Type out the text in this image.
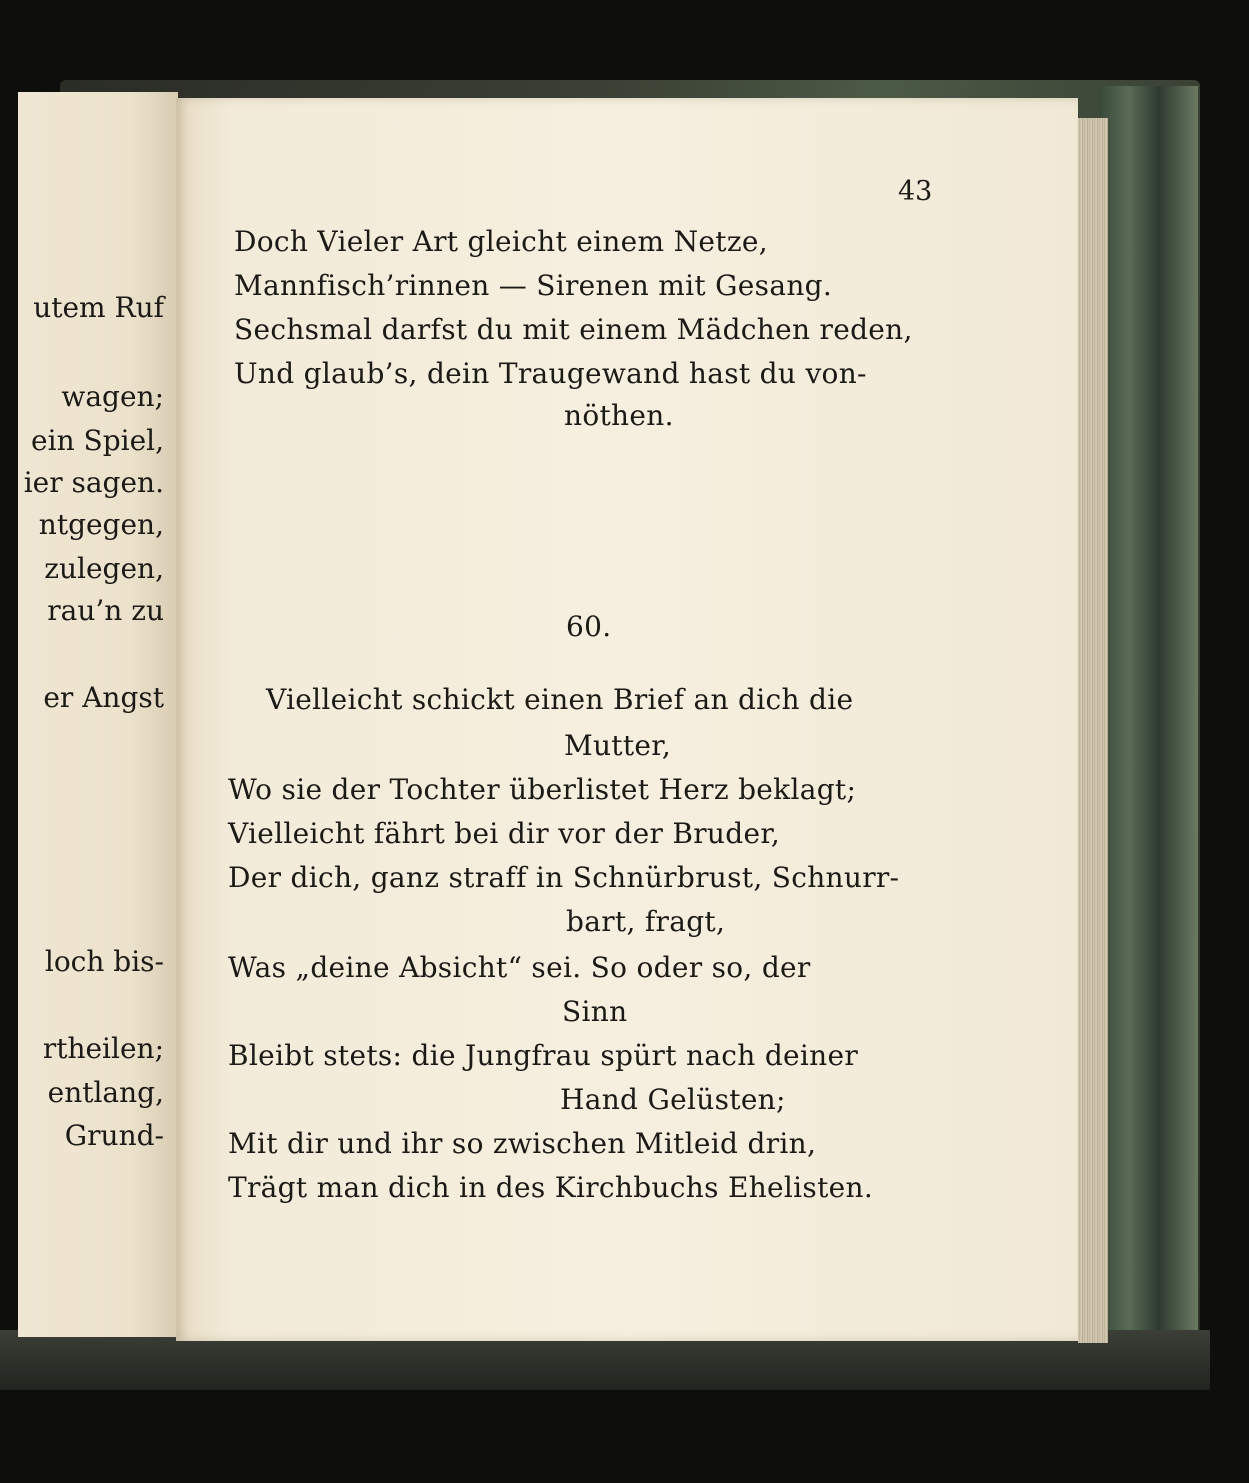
utem Ruf
wagen;
ein Spiel,
ier sagen.
ntgegen,
zulegen,
rau’n zu
er Angst
loch bis-
rtheilen;
entlang,
Grund-
43
Doch Vieler Art gleicht einem Netze,
Mannfisch’rinnen — Sirenen mit Gesang.
Sechsmal darfst du mit einem Mädchen reden,
Und glaub’s, dein Traugewand hast du von-
nöthen.
60.
Vielleicht schickt einen Brief an dich die
Mutter,
Wo sie der Tochter überlistet Herz beklagt;
Vielleicht fährt bei dir vor der Bruder,
Der dich, ganz straff in Schnürbrust, Schnurr-
bart, fragt,
Was „deine Absicht“ sei. So oder so, der
Sinn
Bleibt stets: die Jungfrau spürt nach deiner
Hand Gelüsten;
Mit dir und ihr so zwischen Mitleid drin,
Trägt man dich in des Kirchbuchs Ehelisten.
